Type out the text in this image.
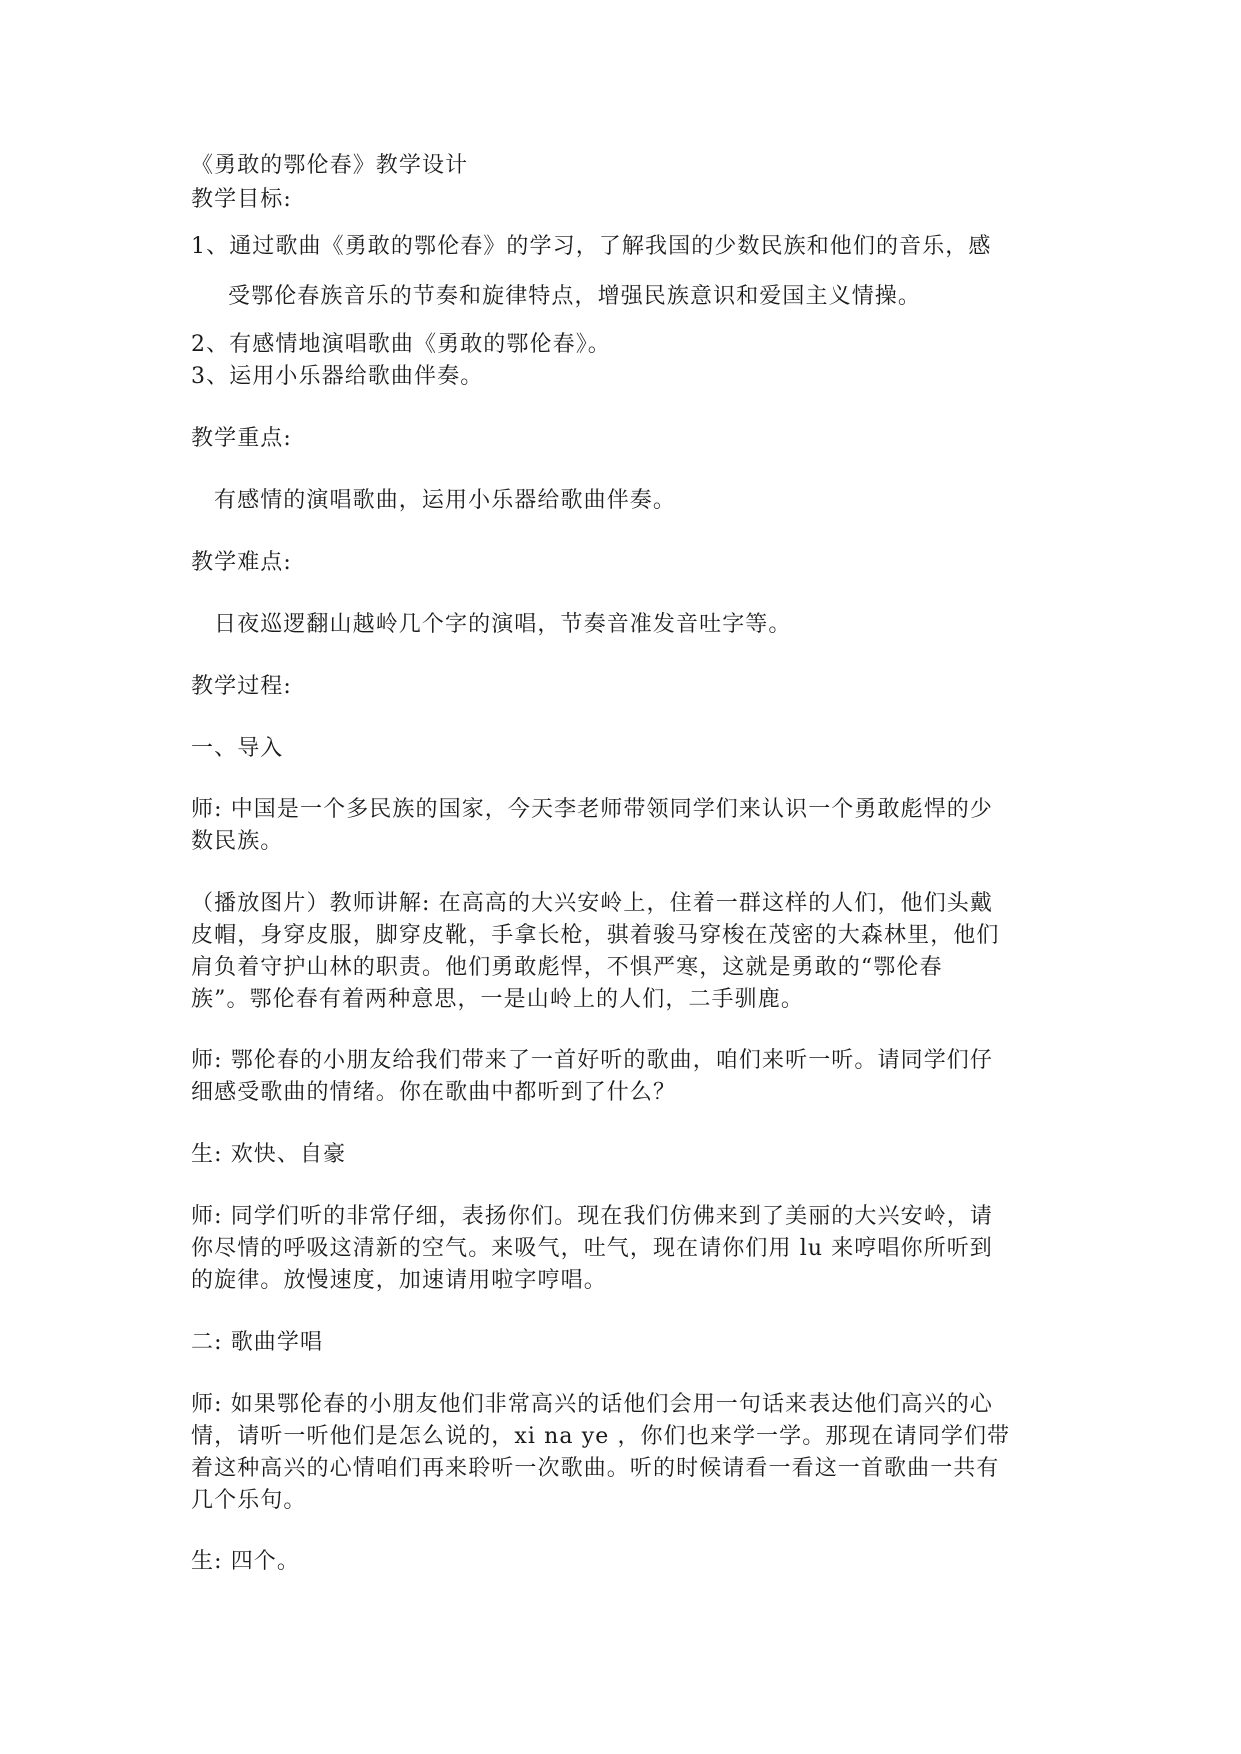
《勇敢的鄂伦春》教学设计
教学目标:
1、通过歌曲《勇敢的鄂伦春》的学习，了解我国的少数民族和他们的音乐，感
受鄂伦春族音乐的节奏和旋律特点，增强民族意识和爱国主义情操。
2、有感情地演唱歌曲《勇敢的鄂伦春》。
3、运用小乐器给歌曲伴奏。
教学重点:
有感情的演唱歌曲，运用小乐器给歌曲伴奏。
教学难点:
日夜巡逻翻山越岭几个字的演唱，节奏音准发音吐字等。
教学过程:
一、导入
师: 中国是一个多民族的国家，今天李老师带领同学们来认识一个勇敢彪悍的少
数民族。
（播放图片）教师讲解: 在高高的大兴安岭上，住着一群这样的人们，他们头戴
皮帽，身穿皮服，脚穿皮靴，手拿长枪，骐着骏马穿梭在茂密的大森林里，他们
肩负着守护山林的职责。他们勇敢彪悍，不惧严寒，这就是勇敢的“鄂伦春
族”。鄂伦春有着两种意思，一是山岭上的人们，二手驯鹿。
师: 鄂伦春的小朋友给我们带来了一首好听的歌曲，咱们来听一听。请同学们仔
细感受歌曲的情绪。你在歌曲中都听到了什么？
生: 欢快、自豪
师: 同学们听的非常仔细，表扬你们。现在我们仿佛来到了美丽的大兴安岭，请
你尽情的呼吸这清新的空气。来吸气，吐气，现在请你们用 lu 来哼唱你所听到
的旋律。放慢速度，加速请用啦字哼唱。
二: 歌曲学唱
师: 如果鄂伦春的小朋友他们非常高兴的话他们会用一句话来表达他们高兴的心
情，请听一听他们是怎么说的，xi na ye ，你们也来学一学。那现在请同学们带
着这种高兴的心情咱们再来聆听一次歌曲。听的时候请看一看这一首歌曲一共有
几个乐句。
生: 四个。
